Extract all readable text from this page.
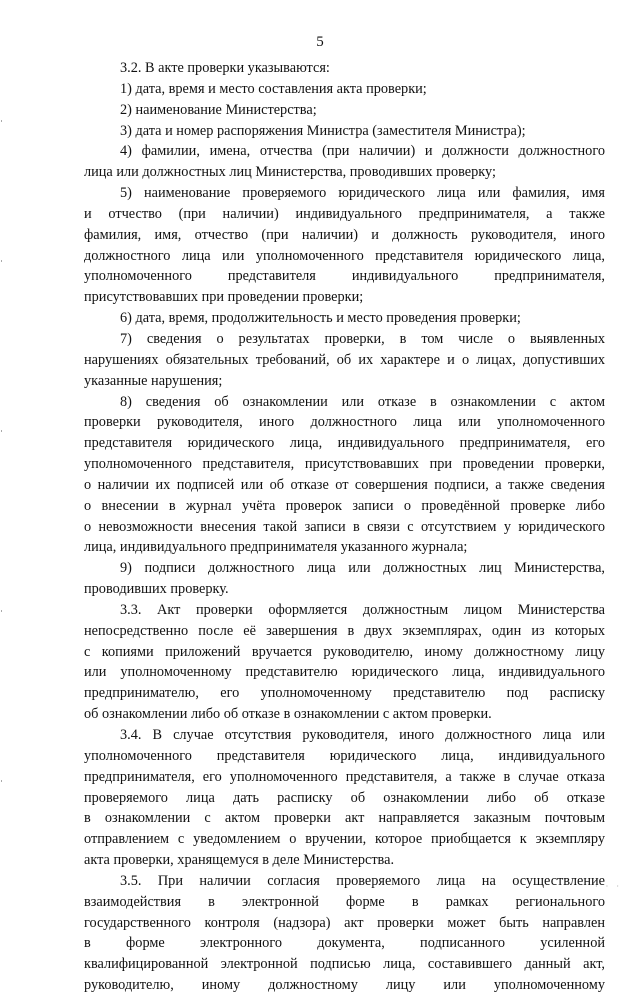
5
3.2. В акте проверки указываются:
1) дата, время и место составления акта проверки;
2) наименование Министерства;
3) дата и номер распоряжения Министра (заместителя Министра);
4) фамилии, имена, отчества (при наличии) и должности должностного
лица или должностных лиц Министерства, проводивших проверку;
5) наименование проверяемого юридического лица или фамилия, имя
и отчество (при наличии) индивидуального предпринимателя, а также
фамилия, имя, отчество (при наличии) и должность руководителя, иного
должностного лица или уполномоченного представителя юридического лица,
уполномоченного представителя индивидуального предпринимателя,
присутствовавших при проведении проверки;
6) дата, время, продолжительность и место проведения проверки;
7) сведения о результатах проверки, в том числе о выявленных
нарушениях обязательных требований, об их характере и о лицах, допустивших
указанные нарушения;
8) сведения об ознакомлении или отказе в ознакомлении с актом
проверки руководителя, иного должностного лица или уполномоченного
представителя юридического лица, индивидуального предпринимателя, его
уполномоченного представителя, присутствовавших при проведении проверки,
о наличии их подписей или об отказе от совершения подписи, а также сведения
о внесении в журнал учёта проверок записи о проведённой проверке либо
о невозможности внесения такой записи в связи с отсутствием у юридического
лица, индивидуального предпринимателя указанного журнала;
9) подписи должностного лица или должностных лиц Министерства,
проводивших проверку.
3.3. Акт проверки оформляется должностным лицом Министерства
непосредственно после её завершения в двух экземплярах, один из которых
с копиями приложений вручается руководителю, иному должностному лицу
или уполномоченному представителю юридического лица, индивидуального
предпринимателю, его уполномоченному представителю под расписку
об ознакомлении либо об отказе в ознакомлении с актом проверки.
3.4. В случае отсутствия руководителя, иного должностного лица или
уполномоченного представителя юридического лица, индивидуального
предпринимателя, его уполномоченного представителя, а также в случае отказа
проверяемого лица дать расписку об ознакомлении либо об отказе
в ознакомлении с актом проверки акт направляется заказным почтовым
отправлением с уведомлением о вручении, которое приобщается к экземпляру
акта проверки, хранящемуся в деле Министерства.
3.5. При наличии согласия проверяемого лица на осуществление
взаимодействия в электронной форме в рамках регионального
государственного контроля (надзора) акт проверки может быть направлен
в форме электронного документа, подписанного усиленной
квалифицированной электронной подписью лица, составившего данный акт,
руководителю, иному должностному лицу или уполномоченному
· · ·
